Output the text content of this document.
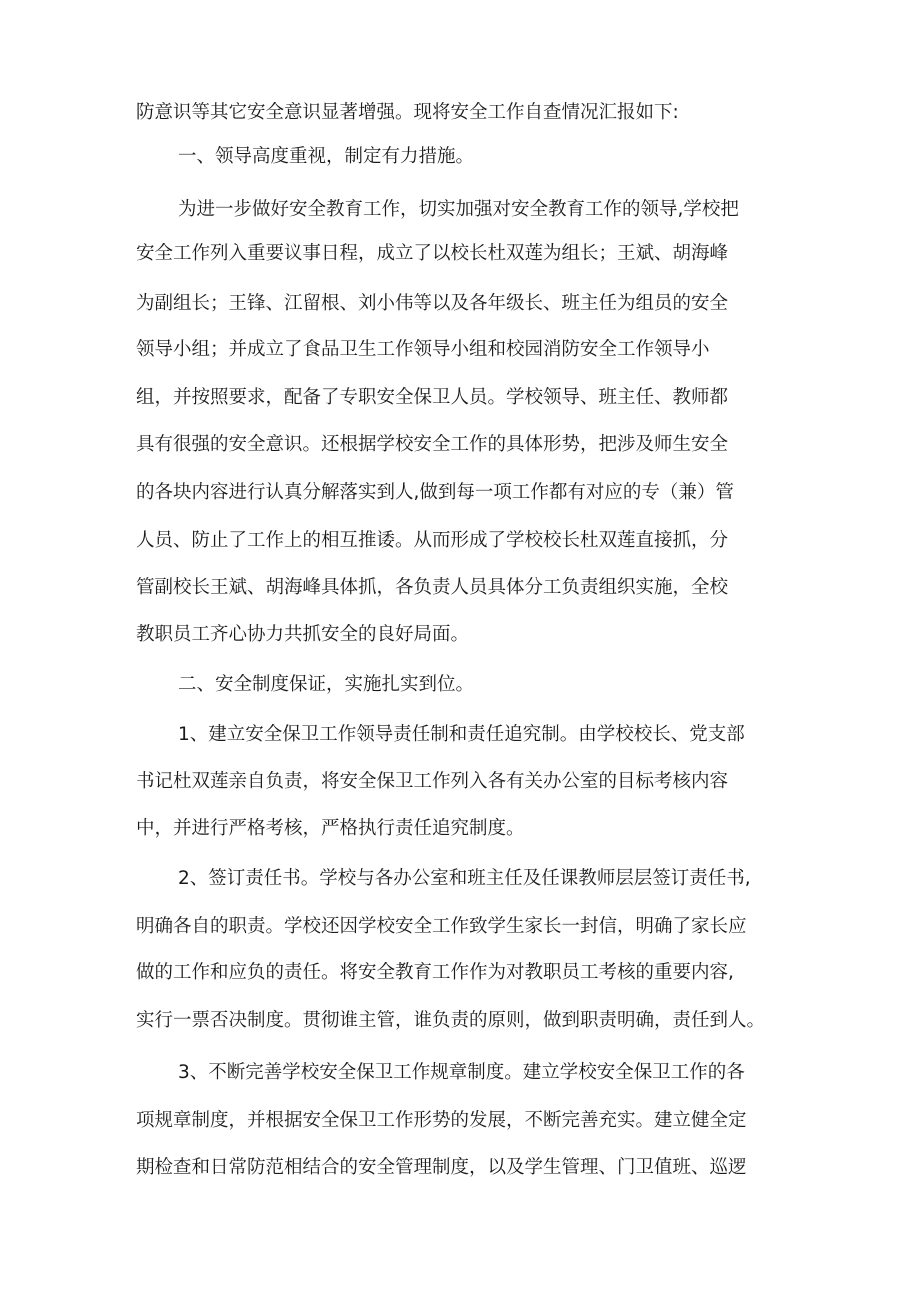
防意识等其它安全意识显著增强。现将安全工作自查情况汇报如下:

一、领导高度重视，制定有力措施。

为进一步做好安全教育工作，切实加强对安全教育工作的领导,学校把

安全工作列入重要议事日程，成立了以校长杜双莲为组长；王斌、胡海峰

为副组长；王锋、江留根、刘小伟等以及各年级长、班主任为组员的安全

领导小组；并成立了食品卫生工作领导小组和校园消防安全工作领导小

组，并按照要求，配备了专职安全保卫人员。学校领导、班主任、教师都

具有很强的安全意识。还根据学校安全工作的具体形势，把涉及师生安全

的各块内容进行认真分解落实到人,做到每一项工作都有对应的专（兼）管

人员、防止了工作上的相互推诿。从而形成了学校校长杜双莲直接抓，分

管副校长王斌、胡海峰具体抓，各负责人员具体分工负责组织实施，全校

教职员工齐心协力共抓安全的良好局面。

二、安全制度保证，实施扎实到位。

1、建立安全保卫工作领导责任制和责任追究制。由学校校长、党支部

书记杜双莲亲自负责，将安全保卫工作列入各有关办公室的目标考核内容

中，并进行严格考核，严格执行责任追究制度。

2、签订责任书。学校与各办公室和班主任及任课教师层层签订责任书,

明确各自的职责。学校还因学校安全工作致学生家长一封信，明确了家长应

做的工作和应负的责任。将安全教育工作作为对教职员工考核的重要内容,

实行一票否决制度。贯彻谁主管，谁负责的原则，做到职责明确，责任到人。

3、不断完善学校安全保卫工作规章制度。建立学校安全保卫工作的各

项规章制度，并根据安全保卫工作形势的发展，不断完善充实。建立健全定

期检查和日常防范相结合的安全管理制度，以及学生管理、门卫值班、巡逻
